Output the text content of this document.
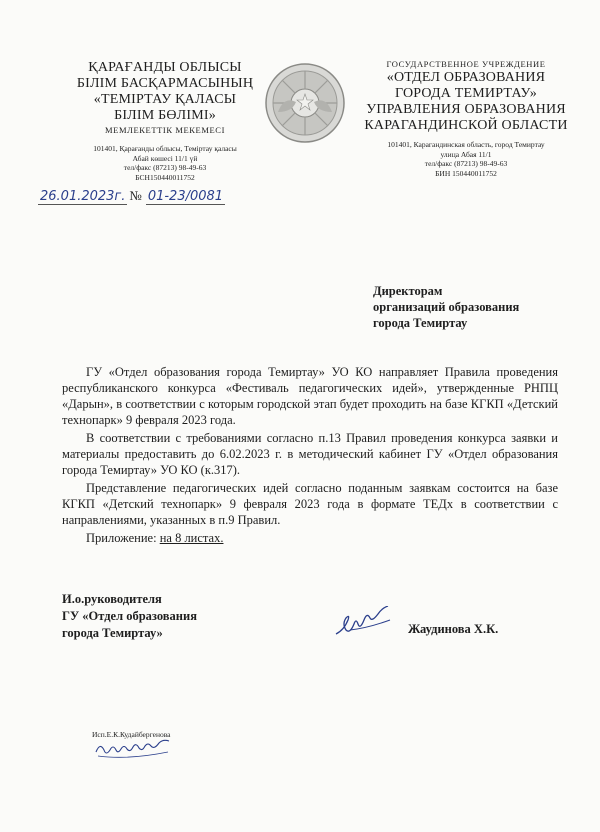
ҚАРАҒАНДЫ ОБЛЫСЫ
БІЛІМ БАСҚАРМАСЫНЫҢ
«ТЕМІРТАУ ҚАЛАСЫ
БІЛІМ БӨЛІМІ»
МЕМЛЕКЕТТІК МЕКЕМЕСІ
101401, Қарағанды облысы, Теміртау қаласы
Абай көшесі 11/1 үй
тел/факс (87213) 98-49-63
БСН150440011752
ГОСУДАРСТВЕННОЕ УЧРЕЖДЕНИЕ
«ОТДЕЛ ОБРАЗОВАНИЯ
ГОРОДА ТЕМИРТАУ»
УПРАВЛЕНИЯ ОБРАЗОВАНИЯ
КАРАГАНДИНСКОЙ ОБЛАСТИ
101401, Карагандинская область, город Темиртау
улица Абая 11/1
тел/факс (87213) 98-49-63
БИН 150440011752
26.01.2023г. № 01-23/0081
Директорам
организаций образования
города Темиртау

ГУ «Отдел образования города Темиртау» УО КО направляет Правила проведения республиканского конкурса «Фестиваль педагогических идей», утвержденные РНПЦ «Дарын», в соответствии с которым городской этап будет проходить на базе КГКП «Детский технопарк» 9 февраля 2023 года.

В соответствии с требованиями согласно п.13 Правил проведения конкурса заявки и материалы предоставить до 6.02.2023 г. в методический кабинет ГУ «Отдел образования города Темиртау» УО КО (к.317).

Представление педагогических идей согласно поданным заявкам состоится на базе КГКП «Детский технопарк» 9 февраля 2023 года в формате ТЕДх в соответствии с направлениями, указанных в п.9 Правил.

Приложение: на 8 листах.

И.о.руководителя
ГУ «Отдел образования
города Темиртау»	Жаудинова Х.К.
Исп.Е.К.Кудайбергенова
